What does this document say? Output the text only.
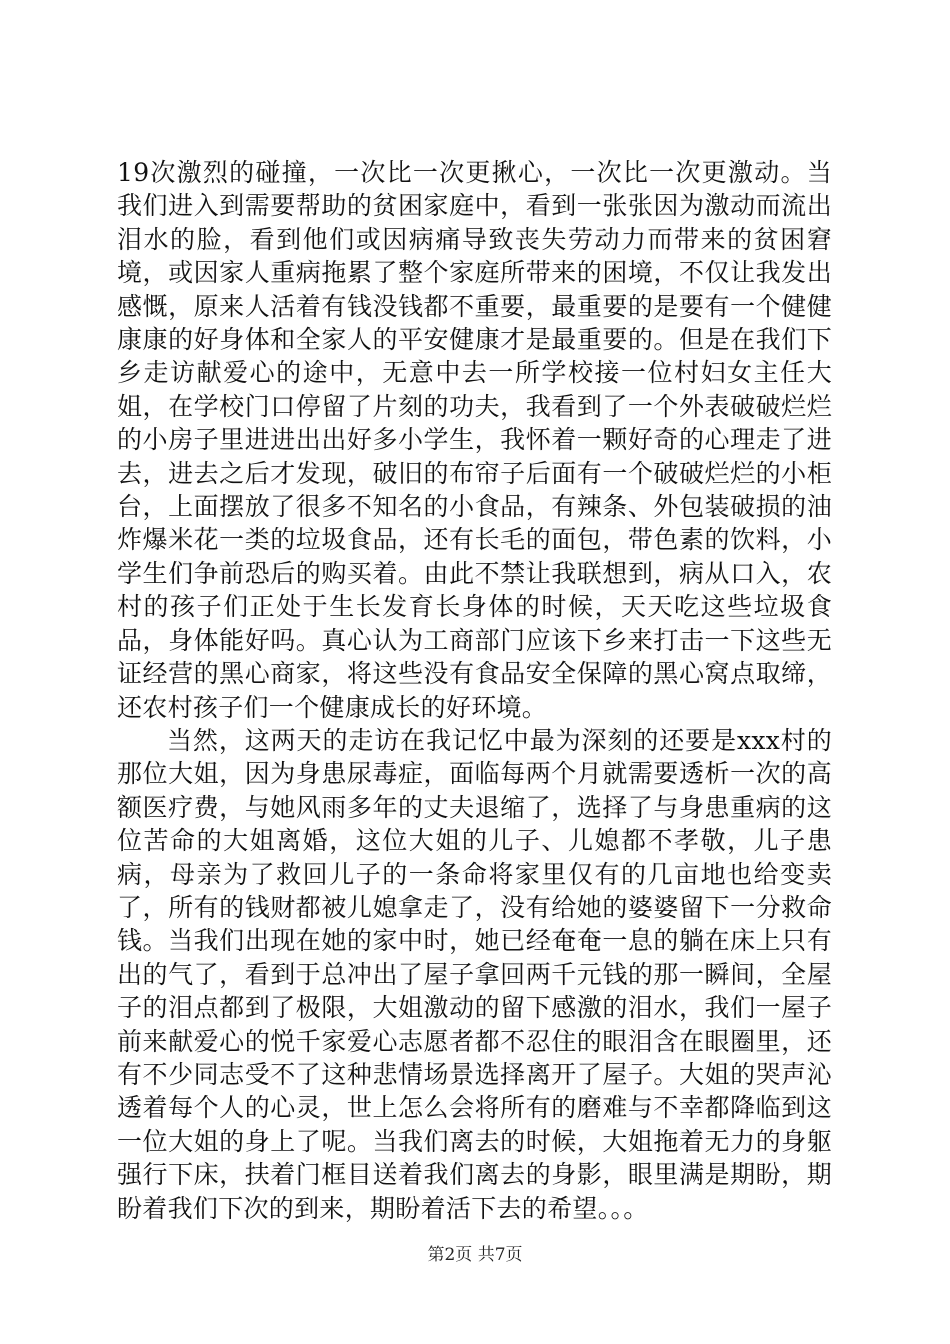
19次激烈的碰撞，一次比一次更揪心，一次比一次更激动。当我们进入到需要帮助的贫困家庭中，看到一张张因为激动而流出泪水的脸，看到他们或因病痛导致丧失劳动力而带来的贫困窘境，或因家人重病拖累了整个家庭所带来的困境，不仅让我发出感慨，原来人活着有钱没钱都不重要，最重要的是要有一个健健康康的好身体和全家人的平安健康才是最重要的。但是在我们下乡走访献爱心的途中，无意中去一所学校接一位村妇女主任大姐，在学校门口停留了片刻的功夫，我看到了一个外表破破烂烂的小房子里进进出出好多小学生，我怀着一颗好奇的心理走了进去，进去之后才发现，破旧的布帘子后面有一个破破烂烂的小柜台，上面摆放了很多不知名的小食品，有辣条、外包装破损的油炸爆米花一类的垃圾食品，还有长毛的面包，带色素的饮料，小学生们争前恐后的购买着。由此不禁让我联想到，病从口入，农村的孩子们正处于生长发育长身体的时候，天天吃这些垃圾食品，身体能好吗。真心认为工商部门应该下乡来打击一下这些无证经营的黑心商家，将这些没有食品安全保障的黑心窝点取缔，还农村孩子们一个健康成长的好环境。

当然，这两天的走访在我记忆中最为深刻的还要是xxx村的那位大姐，因为身患尿毒症，面临每两个月就需要透析一次的高额医疗费，与她风雨多年的丈夫退缩了，选择了与身患重病的这位苦命的大姐离婚，这位大姐的儿子、儿媳都不孝敬，儿子患病，母亲为了救回儿子的一条命将家里仅有的几亩地也给变卖了，所有的钱财都被儿媳拿走了，没有给她的婆婆留下一分救命钱。当我们出现在她的家中时，她已经奄奄一息的躺在床上只有出的气了，看到于总冲出了屋子拿回两千元钱的那一瞬间，全屋子的泪点都到了极限，大姐激动的留下感激的泪水，我们一屋子前来献爱心的悦千家爱心志愿者都不忍住的眼泪含在眼圈里，还有不少同志受不了这种悲情场景选择离开了屋子。大姐的哭声沁透着每个人的心灵，世上怎么会将所有的磨难与不幸都降临到这一位大姐的身上了呢。当我们离去的时候，大姐拖着无力的身躯强行下床，扶着门框目送着我们离去的身影，眼里满是期盼，期盼着我们下次的到来，期盼着活下去的希望。。。

第2页 共7页
